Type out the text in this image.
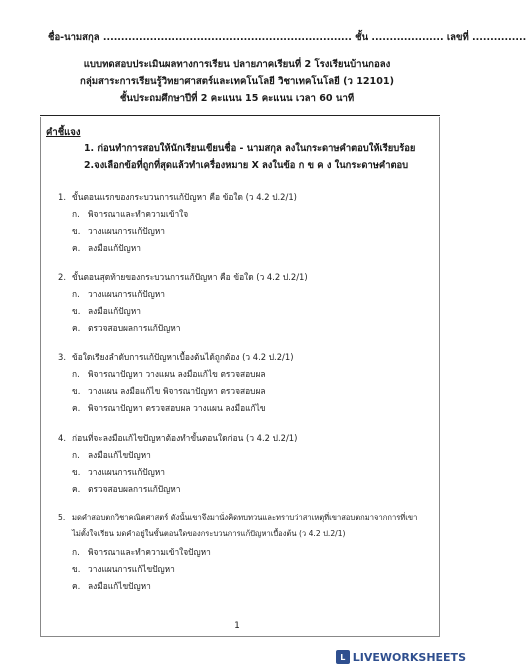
ชื่อ-นามสกุล ..................................................................... ชั้น .................... เลขที่ ...............
แบบทดสอบประเมินผลทางการเรียน ปลายภาคเรียนที่ 2 โรงเรียนบ้านกอลง
กลุ่มสาระการเรียนรู้วิทยาศาสตร์และเทคโนโลยี วิชาเทคโนโลยี (ว 12101)
ชั้นประถมศึกษาปีที่ 2 คะแนน 15 คะแนน เวลา 60 นาที
คำชี้แจง
1. ก่อนทำการสอบให้นักเรียนเขียนชื่อ - นามสกุล ลงในกระดาษคำตอบให้เรียบร้อย
2.จงเลือกข้อที่ถูกที่สุดแล้วทำเครื่องหมาย X ลงในข้อ ก ข ค ง ในกระดาษคำตอบ
1. ขั้นตอนแรกของกระบวนการแก้ปัญหา คือ ข้อใด (ว 4.2 ป.2/1)
ก. พิจารณาและทำความเข้าใจ
ข. วางแผนการแก้ปัญหา
ค. ลงมือแก้ปัญหา
2. ขั้นตอนสุดท้ายของกระบวนการแก้ปัญหา คือ ข้อใด (ว 4.2 ป.2/1)
ก. วางแผนการแก้ปัญหา
ข. ลงมือแก้ปัญหา
ค. ตรวจสอบผลการแก้ปัญหา
3. ข้อใดเรียงลำดับการแก้ปัญหาเบื้องต้นได้ถูกต้อง (ว 4.2 ป.2/1)
ก. พิจารณาปัญหา วางแผน ลงมือแก้ไข ตรวจสอบผล
ข. วางแผน ลงมือแก้ไข พิจารณาปัญหา ตรวจสอบผล
ค. พิจารณาปัญหา ตรวจสอบผล วางแผน ลงมือแก้ไข
4. ก่อนที่จะลงมือแก้ไขปัญหาต้องทำขั้นตอนใดก่อน (ว 4.2 ป.2/1)
ก. ลงมือแก้ไขปัญหา
ข. วางแผนการแก้ปัญหา
ค. ตรวจสอบผลการแก้ปัญหา
5. มดคำสอบตกวิชาคณิตศาสตร์ ดังนั้นเขาจึงมานั่งคิดทบทวนและทราบว่าสาเหตุที่เขาสอบตกมาจากการที่เขา
ไม่ตั้งใจเรียน มดคำอยู่ในขั้นตอนใดของกระบวนการแก้ปัญหาเบื้องต้น (ว 4.2 ป.2/1)
ก. พิจารณาและทำความเข้าใจปัญหา
ข. วางแผนการแก้ไขปัญหา
ค. ลงมือแก้ไขปัญหา
1
L LIVEWORKSHEETS
